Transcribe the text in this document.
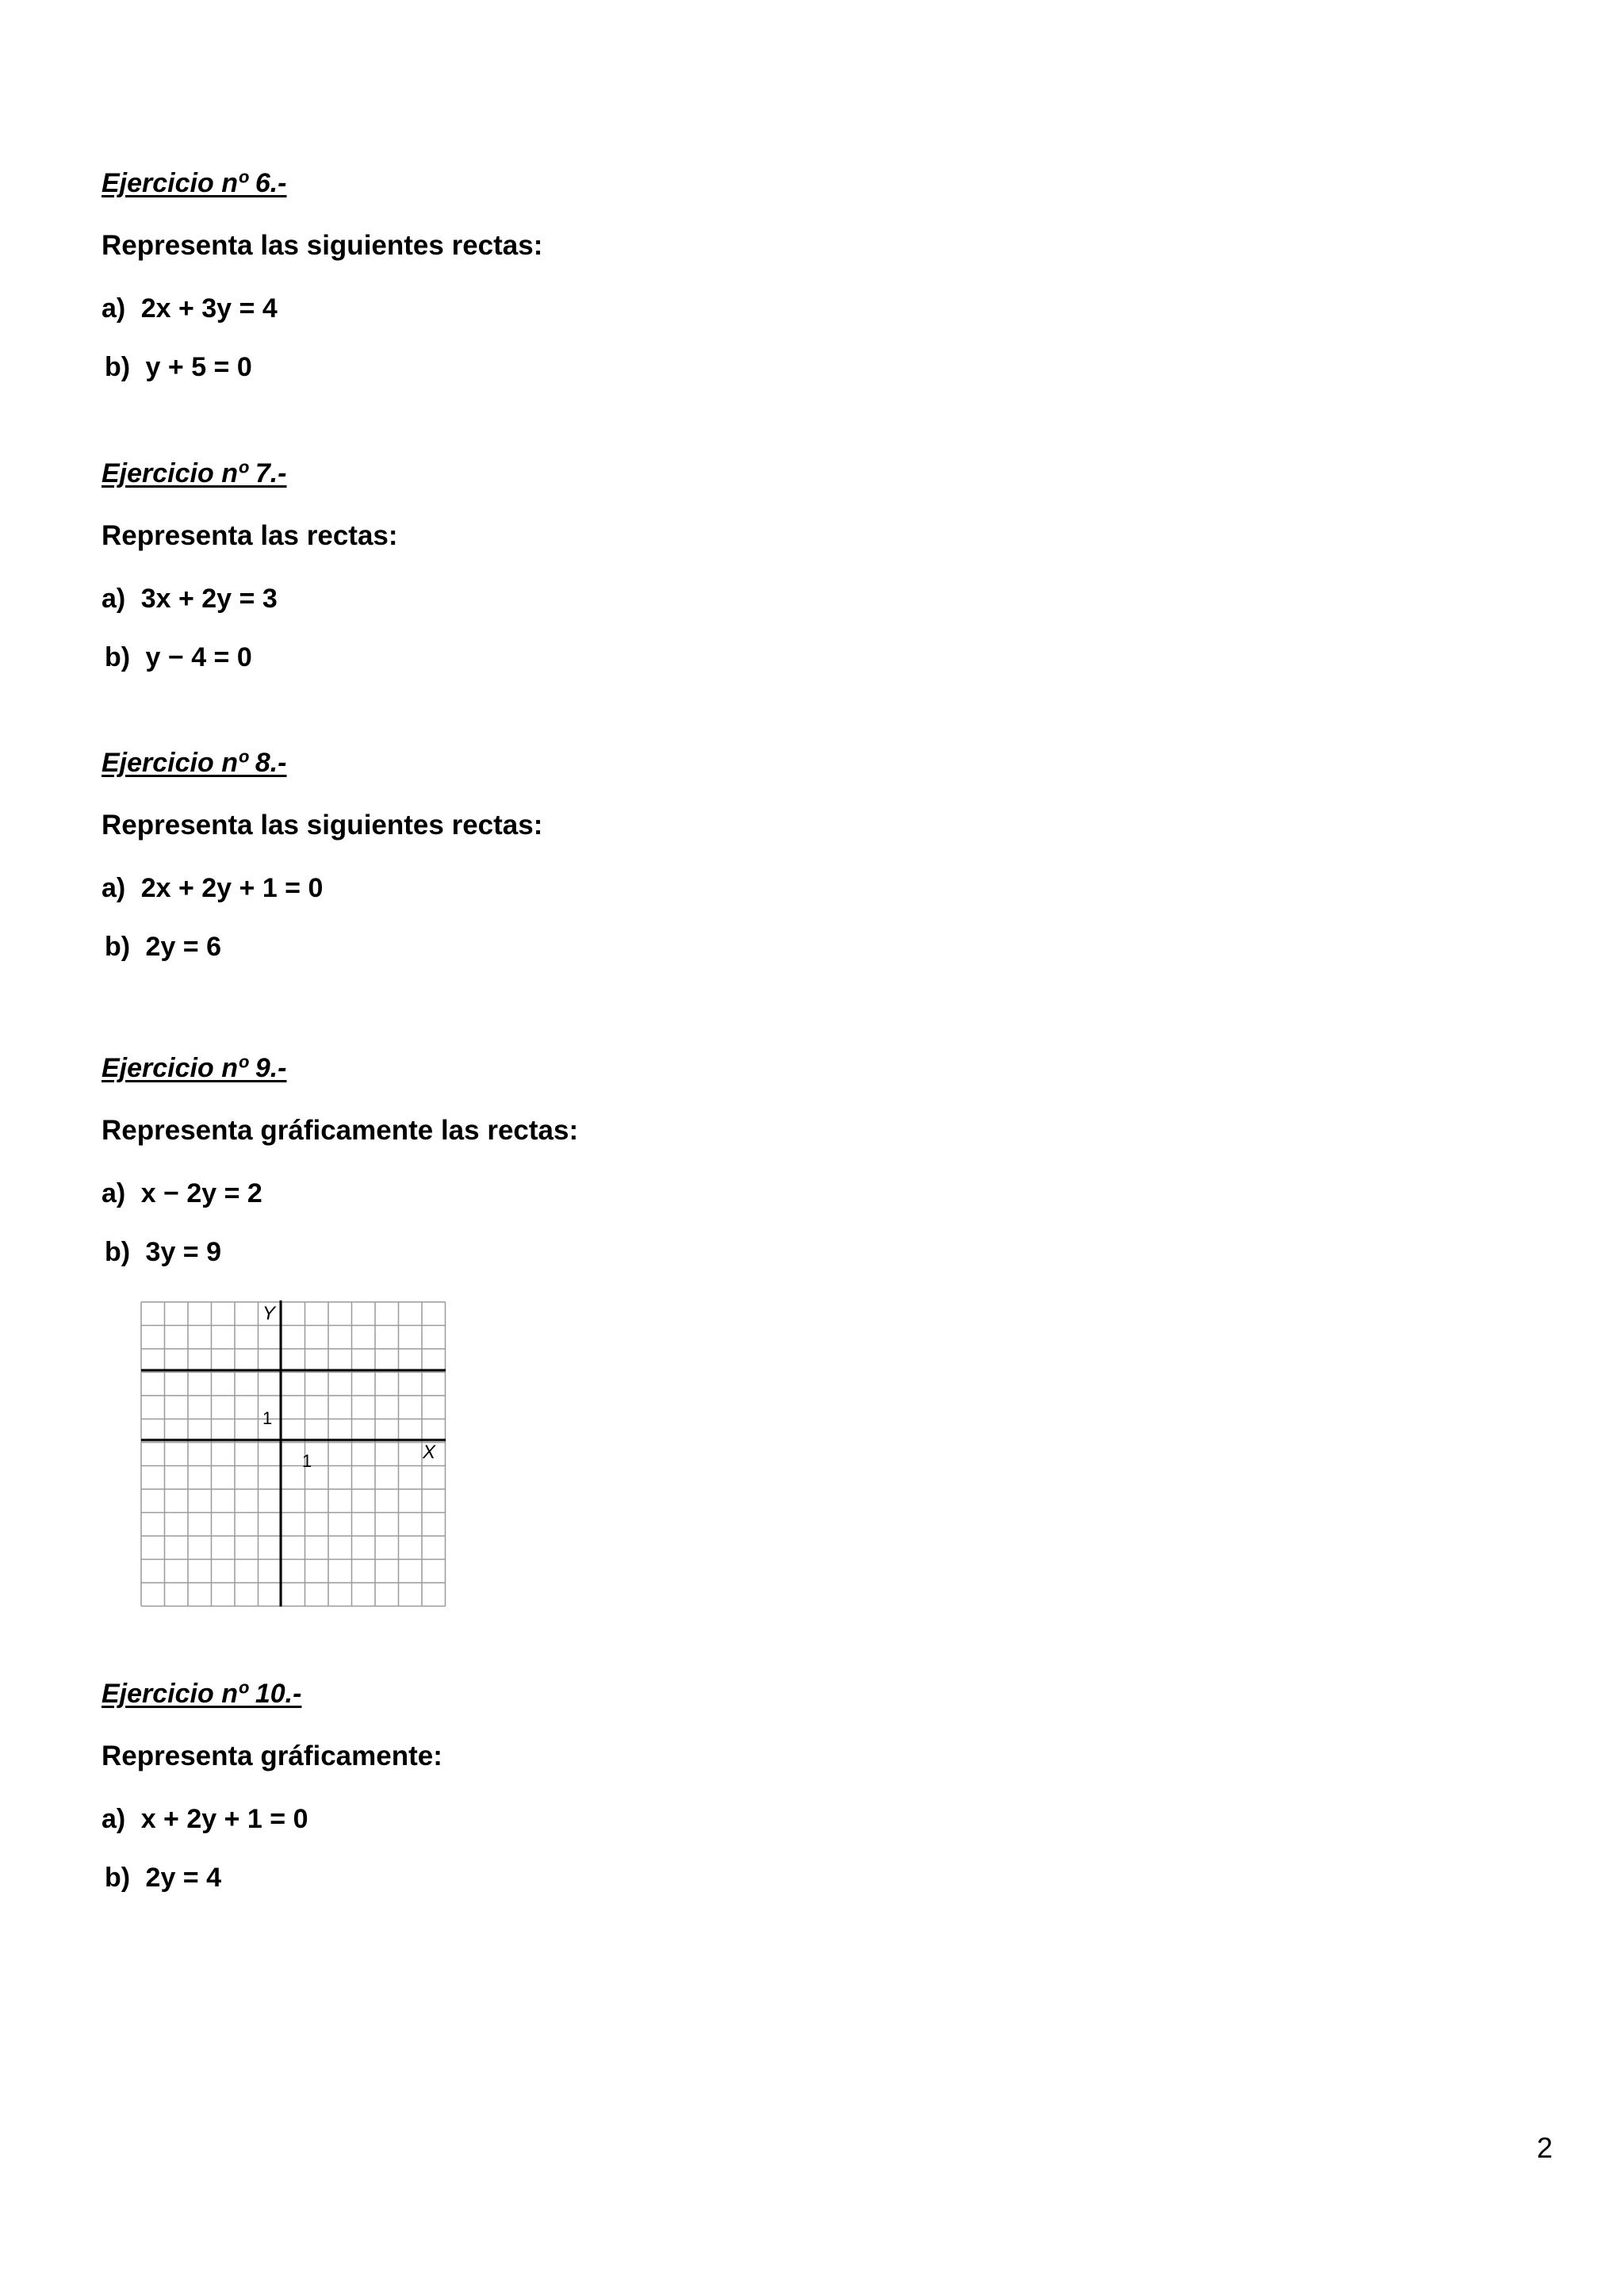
Ejercicio nº 6.-
Representa las siguientes rectas:
a) 2x + 3y = 4
b) y + 5 = 0
Ejercicio nº 7.-
Representa las rectas:
a) 3x + 2y = 3
b) y − 4 = 0
Ejercicio nº 8.-
Representa las siguientes rectas:
a) 2x + 2y + 1 = 0
b) 2y = 6
Ejercicio nº 9.-
Representa gráficamente las rectas:
a) x − 2y = 2
b) 3y = 9
Y
X
1
1
Ejercicio nº 10.-
Representa gráficamente:
a) x + 2y + 1 = 0
b) 2y = 4
2
